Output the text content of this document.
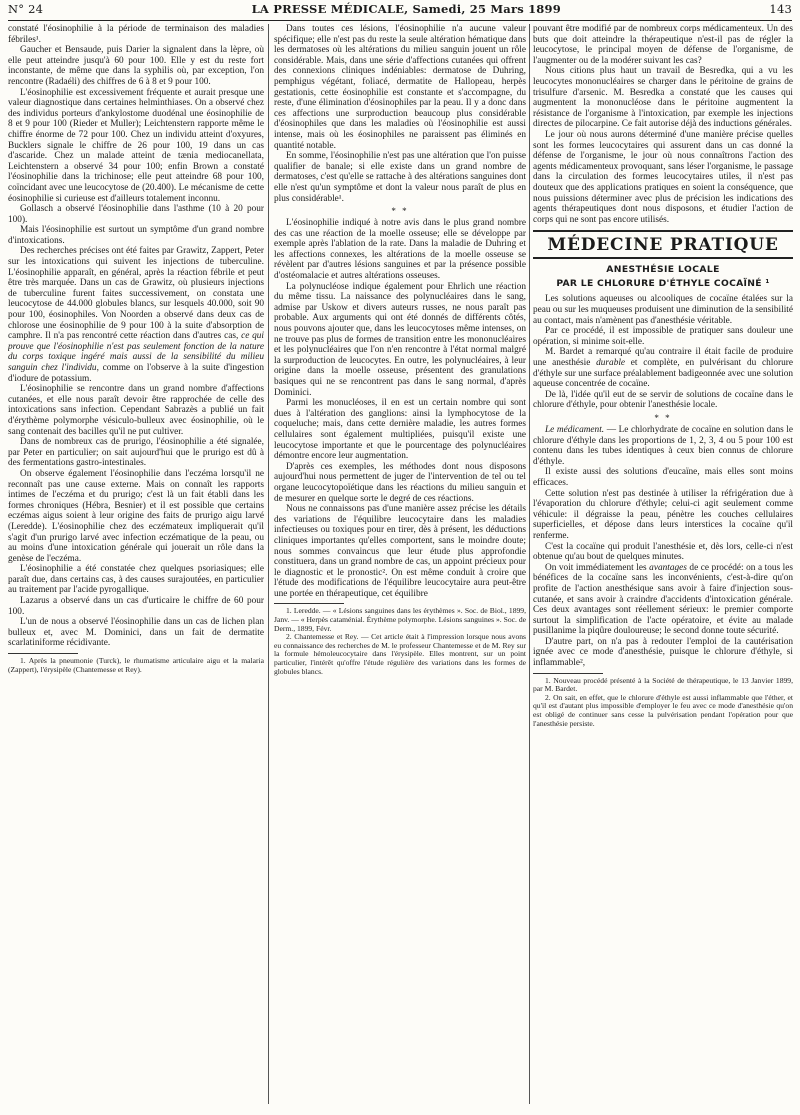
N° 24	LA PRESSE MÉDICALE, Samedi, 25 Mars 1899	143

constaté l'éosinophilie à la période de terminaison des maladies fébriles¹.

Gaucher et Bensaude, puis Darier la signalent dans la lèpre, où elle peut atteindre jusqu'à 60 pour 100. Elle y est du reste fort inconstante, de même que dans la syphilis où, par exception, l'on rencontre (Radaéli) des chiffres de 6 à 8 et 9 pour 100.

L'éosinophilie est excessivement fréquente et aurait presque une valeur diagnostique dans certaines helminthiases. On a observé chez des individus porteurs d'ankylostome duodénal une éosinophilie de 8 et 9 pour 100 (Rieder et Muller); Leichtenstern rapporte même le chiffre énorme de 72 pour 100. Chez un individu atteint d'oxyures, Bucklers signale le chiffre de 26 pour 100, 19 dans un cas d'ascaride. Chez un malade atteint de tænia mediocanellata, Leichtenstern a observé 34 pour 100; enfin Brown a constaté l'éosinophilie dans la trichinose; elle peut atteindre 68 pour 100, coïncidant avec une leucocytose de (20.400). Le mécanisme de cette éosinophilie si curieuse est d'ailleurs totalement inconnu.

Gollasch a observé l'éosinophilie dans l'asthme (10 à 20 pour 100).

Mais l'éosinophilie est surtout un symptôme d'un grand nombre d'intoxications.

Des recherches précises ont été faites par Grawitz, Zappert, Peter sur les intoxications qui suivent les injections de tuberculine. L'éosinophilie apparaît, en général, après la réaction fébrile et peut être très marquée. Dans un cas de Grawitz, où plusieurs injections de tuberculine furent faites successivement, on constata une leucocytose de 44.000 globules blancs, sur lesquels 40.000, soit 90 pour 100, éosinophiles. Von Noorden a observé dans deux cas de chlorose une éosinophilie de 9 pour 100 à la suite d'absorption de camphre. Il n'a pas rencontré cette réaction dans d'autres cas, ce qui prouve que l'éosinophilie n'est pas seulement fonction de la nature du corps toxique ingéré mais aussi de la sensibilité du milieu sanguin chez l'individu, comme on l'observe à la suite d'ingestion d'iodure de potassium.

L'éosinophilie se rencontre dans un grand nombre d'affections cutanées, et elle nous paraît devoir être rapprochée de celle des intoxications sans infection. Cependant Sabrazès a publié un fait d'érythème polymorphe vésiculo-bulleux avec éosinophilie, où le sang contenait des bacilles qu'il ne put cultiver.

Dans de nombreux cas de prurigo, l'éosinophilie a été signalée, par Peter en particulier; on sait aujourd'hui que le prurigo est dû à des fermentations gastro-intestinales.

On observe également l'éosinophilie dans l'eczéma lorsqu'il ne reconnaît pas une cause externe. Mais on connaît les rapports intimes de l'eczéma et du prurigo; c'est là un fait établi dans les formes chroniques (Hébra, Besnier) et il est possible que certains eczémas aigus soient à leur origine des faits de prurigo aigu larvé (Leredde). L'éosinophilie chez des eczémateux impliquerait qu'il s'agit d'un prurigo larvé avec infection eczématique de la peau, ou au moins d'une intoxication générale qui jouerait un rôle dans la genèse de l'eczéma.

L'éosinophilie a été constatée chez quelques psoriasiques; elle paraît due, dans certains cas, à des causes surajoutées, en particulier au traitement par l'acide pyrogallique.

Lazarus a observé dans un cas d'urticaire le chiffre de 60 pour 100.

L'un de nous a observé l'éosinophilie dans un cas de lichen plan bulleux et, avec M. Dominici, dans un fait de dermatite scarlatiniforme récidivante.

1. Après la pneumonie (Turck), le rhumatisme articulaire aigu et la malaria (Zappert), l'érysipèle (Chantemesse et Rey).

Dans toutes ces lésions, l'éosinophilie n'a aucune valeur spécifique; elle n'est pas du reste la seule altération hématique dans les dermatoses où les altérations du milieu sanguin jouent un rôle considérable. Mais, dans une série d'affections cutanées qui offrent des connexions cliniques indéniables: dermatose de Duhring, pemphigus végétant, foliacé, dermatite de Hallopeau, herpès gestationis, cette éosinophilie est constante et s'accompagne, du reste, d'une élimination d'éosinophiles par la peau. Il y a donc dans ces affections une surproduction beaucoup plus considérable d'éosinophiles que dans les maladies où l'éosinophilie est aussi intense, mais où les éosinophiles ne paraissent pas éliminés en quantité notable.

En somme, l'éosinophilie n'est pas une altération que l'on puisse qualifier de banale; si elle existe dans un grand nombre de dermatoses, c'est qu'elle se rattache à des altérations sanguines dont elle n'est qu'un symptôme et dont la valeur nous paraît de plus en plus considérable¹.

* *

L'éosinophilie indiqué à notre avis dans le plus grand nombre des cas une réaction de la moelle osseuse; elle se développe par exemple après l'ablation de la rate. Dans la maladie de Duhring et les affections connexes, les altérations de la moelle osseuse se révèlent par d'autres lésions sanguines et par la présence possible d'ostéomalacie et autres altérations osseuses.

La polynucléose indique également pour Ehrlich une réaction du même tissu. La naissance des polynucléaires dans le sang, admise par Uskow et divers auteurs russes, ne nous paraît pas probable. Aux arguments qui ont été donnés de différents côtés, nous pouvons ajouter que, dans les leucocytoses même intenses, on ne trouve pas plus de formes de transition entre les mononucléaires et les polynucléaires que l'on n'en rencontre à l'état normal malgré la surproduction de leucocytes. En outre, les polynucléaires, à leur origine dans la moelle osseuse, présentent des granulations basiques qui ne se rencontrent pas dans le sang normal, d'après Dominici.

Parmi les monucléoses, il en est un certain nombre qui sont dues à l'altération des ganglions: ainsi la lymphocytose de la coqueluche; mais, dans cette dernière maladie, les autres formes cellulaires sont également multipliées, puisqu'il existe une leucocytose importante et que le pourcentage des polynucléaires démontre encore leur augmentation.

D'après ces exemples, les méthodes dont nous disposons aujourd'hui nous permettent de juger de l'intervention de tel ou tel organe leucocytopoïétique dans les réactions du milieu sanguin et de mesurer en quelque sorte le degré de ces réactions.

Nous ne connaissons pas d'une manière assez précise les détails des variations de l'équilibre leucocytaire dans les maladies infectieuses ou toxiques pour en tirer, dès à présent, les déductions cliniques importantes qu'elles comportent, sans le moindre doute; nous sommes convaincus que leur étude plus approfondie constituera, dans un grand nombre de cas, un appoint précieux pour le diagnostic et le pronostic². On est même conduit à croire que l'étude des modifications de l'équilibre leucocytaire aura peut-être une portée en thérapeutique, cet équilibre

1. Leredde. — « Lésions sanguines dans les érythèmes ». Soc. de Biol., 1899, Janv. — « Herpès cataménial. Érythème polymorphe. Lésions sanguines ». Soc. de Derm., 1899, Févr.

2. Chantemesse et Rey. — Cet article était à l'impression lorsque nous avons eu connaissance des recherches de M. le professeur Chantemesse et de M. Rey sur la formule hémoleucocytaire dans l'érysipèle. Elles montrent, sur un point particulier, l'intérêt qu'offre l'étude régulière des variations dans les formes de globules blancs.

pouvant être modifié par de nombreux corps médicamenteux. Un des buts que doit atteindre la thérapeutique n'est-il pas de régler la leucocytose, le principal moyen de défense de l'organisme, de l'augmenter ou de la modérer suivant les cas?

Nous citions plus haut un travail de Besredka, qui a vu les leucocytes mononucléaires se charger dans le péritoine de grains de trisulfure d'arsenic. M. Besredka a constaté que les causes qui augmentent la mononucléose dans le péritoine augmentent la résistance de l'organisme à l'intoxication, par exemple les injections directes de pilocarpine. Ce fait autorise déjà des inductions générales.

Le jour où nous aurons déterminé d'une manière précise quelles sont les formes leucocytaires qui assurent dans un cas donné la défense de l'organisme, le jour où nous connaîtrons l'action des agents médicamenteux provoquant, sans léser l'organisme, le passage dans la circulation des formes leucocytaires utiles, il n'est pas douteux que des applications pratiques en soient la conséquence, que nous puissions déterminer avec plus de précision les indications des agents thérapeutiques dont nous disposons, et étudier l'action de corps qui ne sont pas encore utilisés.

MÉDECINE PRATIQUE
ANESTHÉSIE LOCALE
PAR LE CHLORURE D'ÉTHYLE COCAÏNÉ ¹

Les solutions aqueuses ou alcooliques de cocaïne étalées sur la peau ou sur les muqueuses produisent une diminution de la sensibilité au contact, mais n'amènent pas d'anesthésie véritable.

Par ce procédé, il est impossible de pratiquer sans douleur une opération, si minime soit-elle.

M. Bardet a remarqué qu'au contraire il était facile de produire une anesthésie durable et complète, en pulvérisant du chlorure d'éthyle sur une surface préalablement badigeonnée avec une solution aqueuse concentrée de cocaïne.

De là, l'idée qu'il eut de se servir de solutions de cocaïne dans le chlorure d'éthyle, pour obtenir l'anesthésie locale.

* *

Le médicament. — Le chlorhydrate de cocaïne en solution dans le chlorure d'éthyle dans les proportions de 1, 2, 3, 4 ou 5 pour 100 est contenu dans les tubes identiques à ceux bien connus de chlorure d'éthyle.

Il existe aussi des solutions d'eucaïne, mais elles sont moins efficaces.

Cette solution n'est pas destinée à utiliser la réfrigération due à l'évaporation du chlorure d'éthyle; celui-ci agit seulement comme véhicule: il dégraisse la peau, pénètre les couches cellulaires superficielles, et dépose dans leurs interstices la cocaïne qu'il renferme.

C'est la cocaïne qui produit l'anesthésie et, dès lors, celle-ci n'est obtenue qu'au bout de quelques minutes.

On voit immédiatement les avantages de ce procédé: on a tous les bénéfices de la cocaïne sans les inconvénients, c'est-à-dire qu'on profite de l'action anesthésique sans avoir à faire d'injection sous-cutanée, et sans avoir à craindre d'accidents d'intoxication générale. Ces deux avantages sont réellement sérieux: le premier comporte surtout la simplification de l'acte opératoire, et évite au malade pusillanime la piqûre douloureuse; le second donne toute sécurité.

D'autre part, on n'a pas à redouter l'emploi de la cautérisation ignée avec ce mode d'anesthésie, puisque le chlorure d'éthyle, si inflammable²,

1. Nouveau procédé présenté à la Société de thérapeutique, le 13 Janvier 1899, par M. Bardet.

2. On sait, en effet, que le chlorure d'éthyle est aussi inflammable que l'éther, et qu'il est d'autant plus impossible d'employer le feu avec ce mode d'anesthésie qu'on est obligé de continuer sans cesse la pulvérisation pendant l'opération pour que l'anesthésie persiste.
